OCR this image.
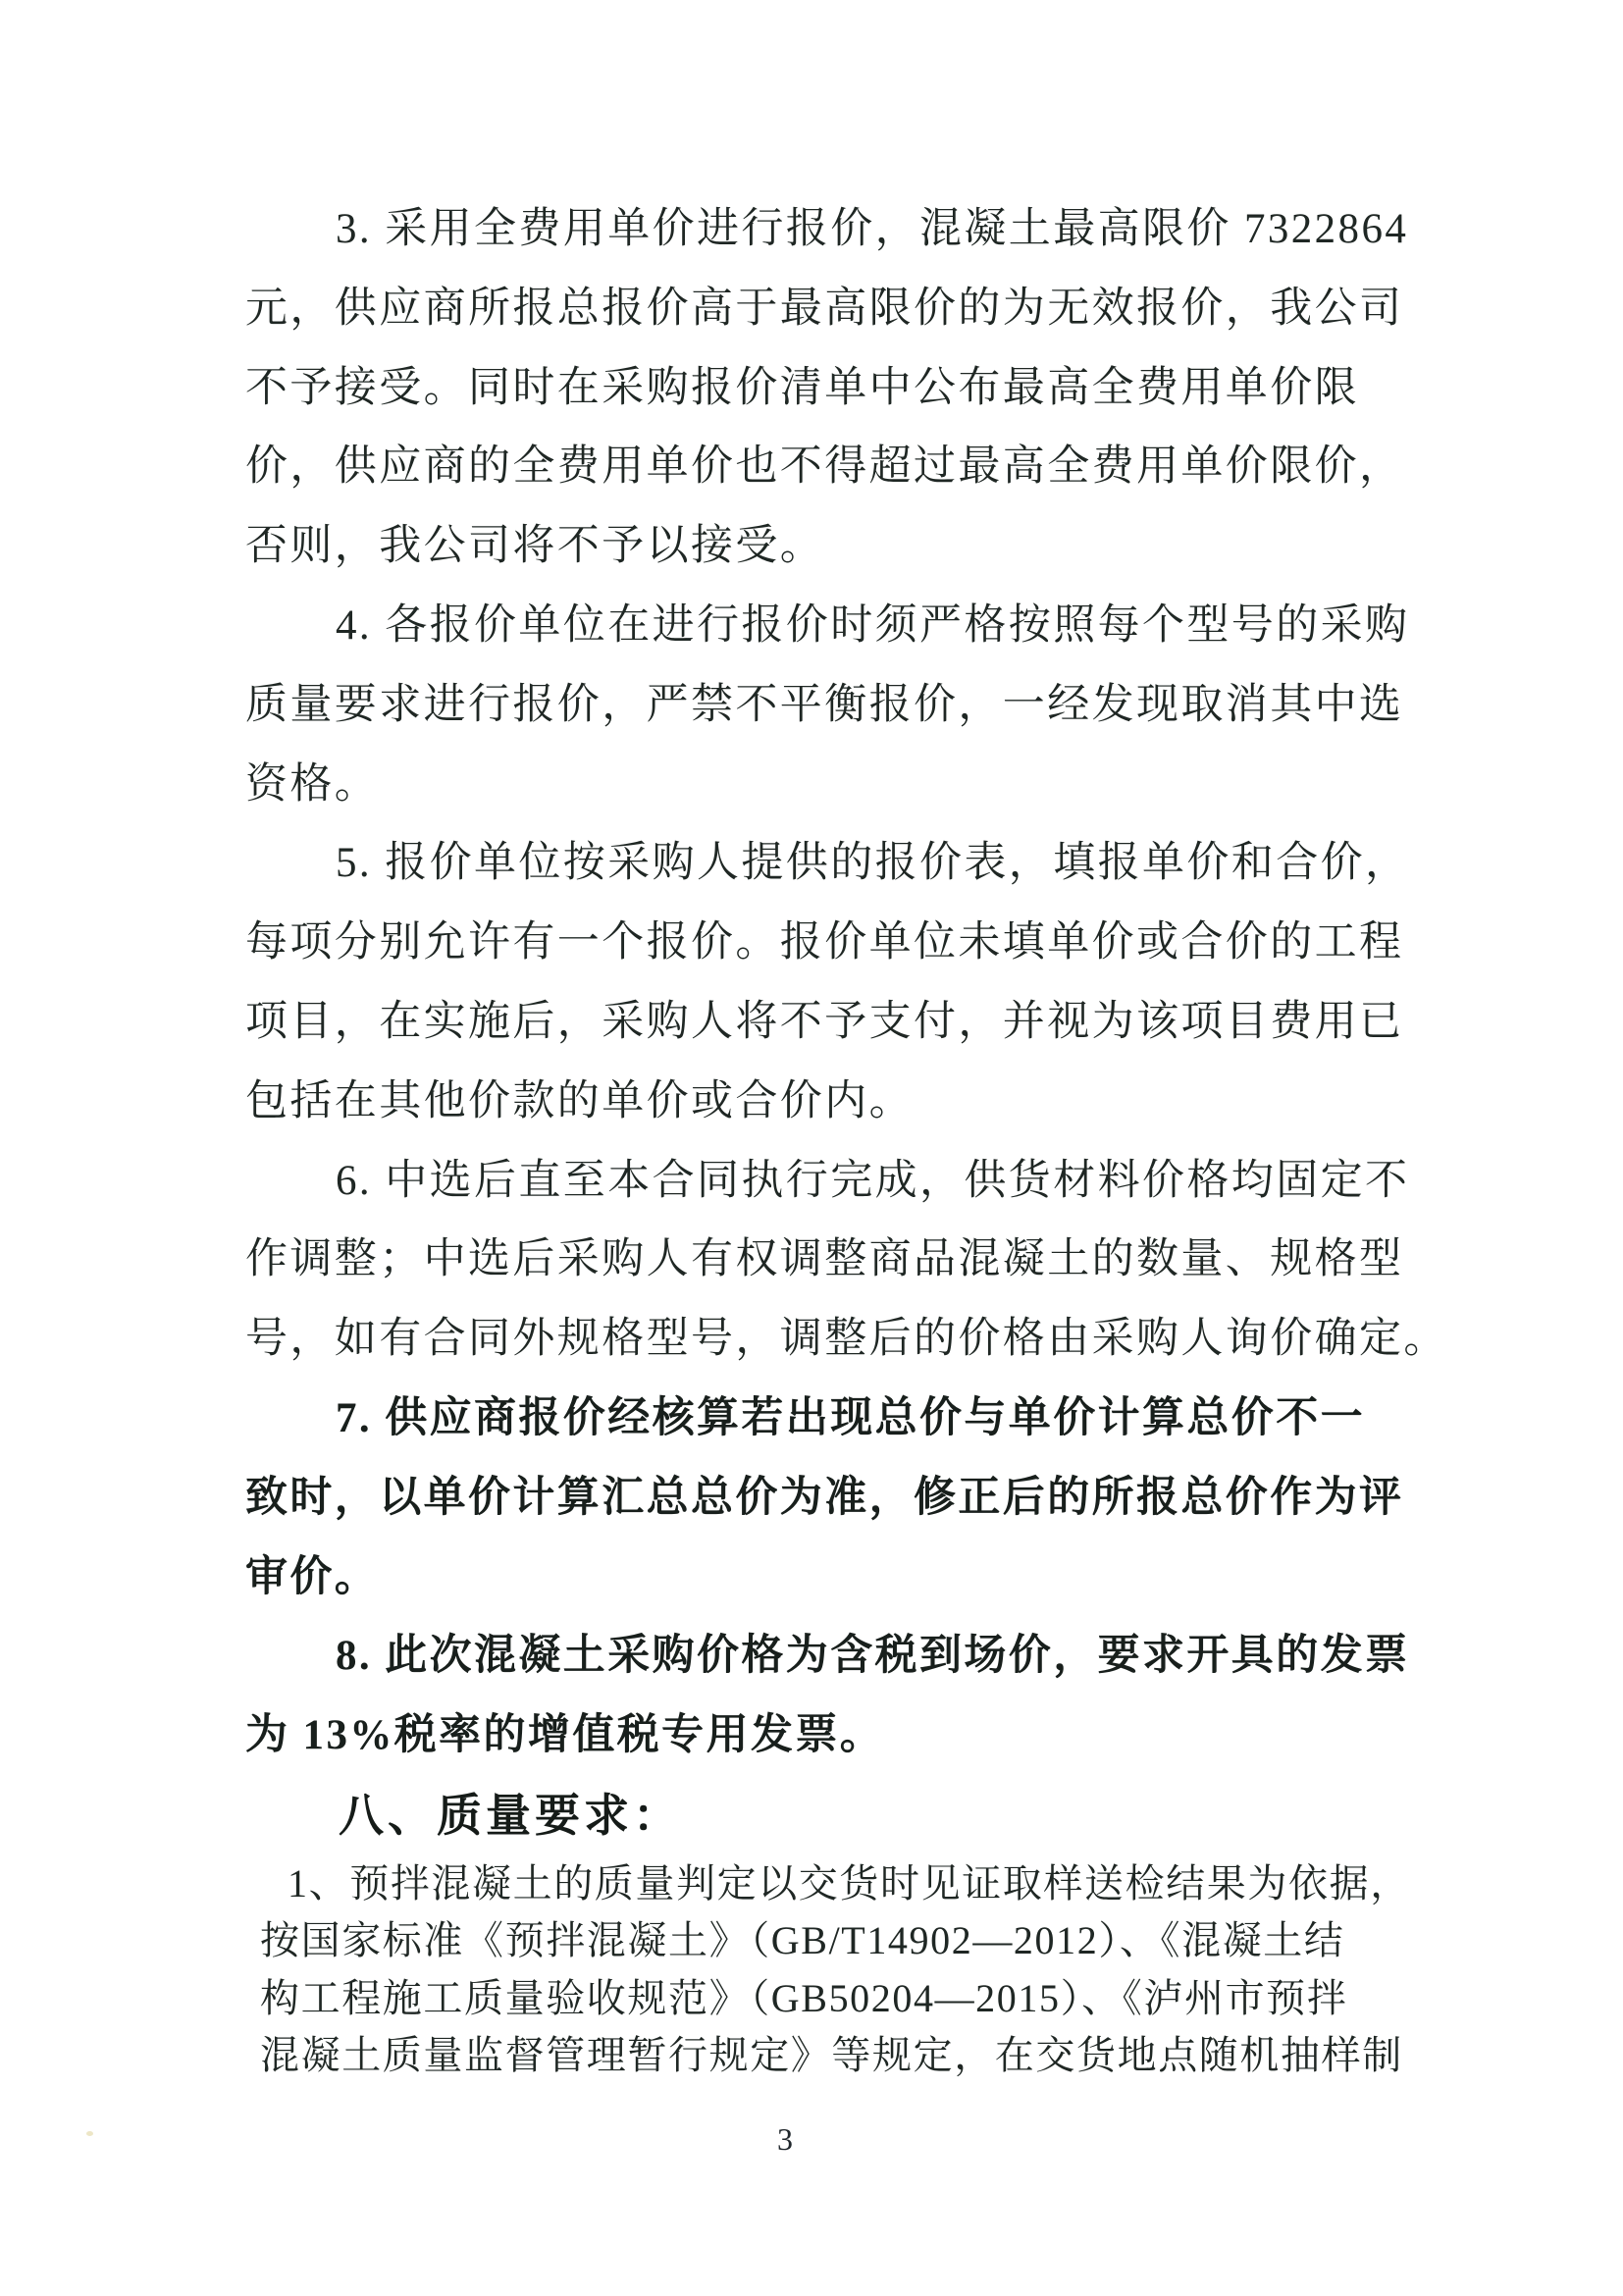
3. 采用全费用单价进行报价，混凝土最高限价 7322864
元，供应商所报总报价高于最高限价的为无效报价，我公司
不予接受。同时在采购报价清单中公布最高全费用单价限
价，供应商的全费用单价也不得超过最高全费用单价限价，
否则，我公司将不予以接受。
4. 各报价单位在进行报价时须严格按照每个型号的采购
质量要求进行报价，严禁不平衡报价，一经发现取消其中选
资格。
5. 报价单位按采购人提供的报价表，填报单价和合价，
每项分别允许有一个报价。报价单位未填单价或合价的工程
项目，在实施后，采购人将不予支付，并视为该项目费用已
包括在其他价款的单价或合价内。
6. 中选后直至本合同执行完成，供货材料价格均固定不
作调整；中选后采购人有权调整商品混凝土的数量、规格型
号，如有合同外规格型号，调整后的价格由采购人询价确定。
7. 供应商报价经核算若出现总价与单价计算总价不一
致时，以单价计算汇总总价为准，修正后的所报总价作为评
审价。
8. 此次混凝土采购价格为含税到场价，要求开具的发票
为 13%税率的增值税专用发票。
八、质量要求：
1、预拌混凝土的质量判定以交货时见证取样送检结果为依据，
按国家标准《预拌混凝土》（GB/T14902—2012）、《混凝土结
构工程施工质量验收规范》（GB50204—2015）、《泸州市预拌
混凝土质量监督管理暂行规定》等规定，在交货地点随机抽样制
3
